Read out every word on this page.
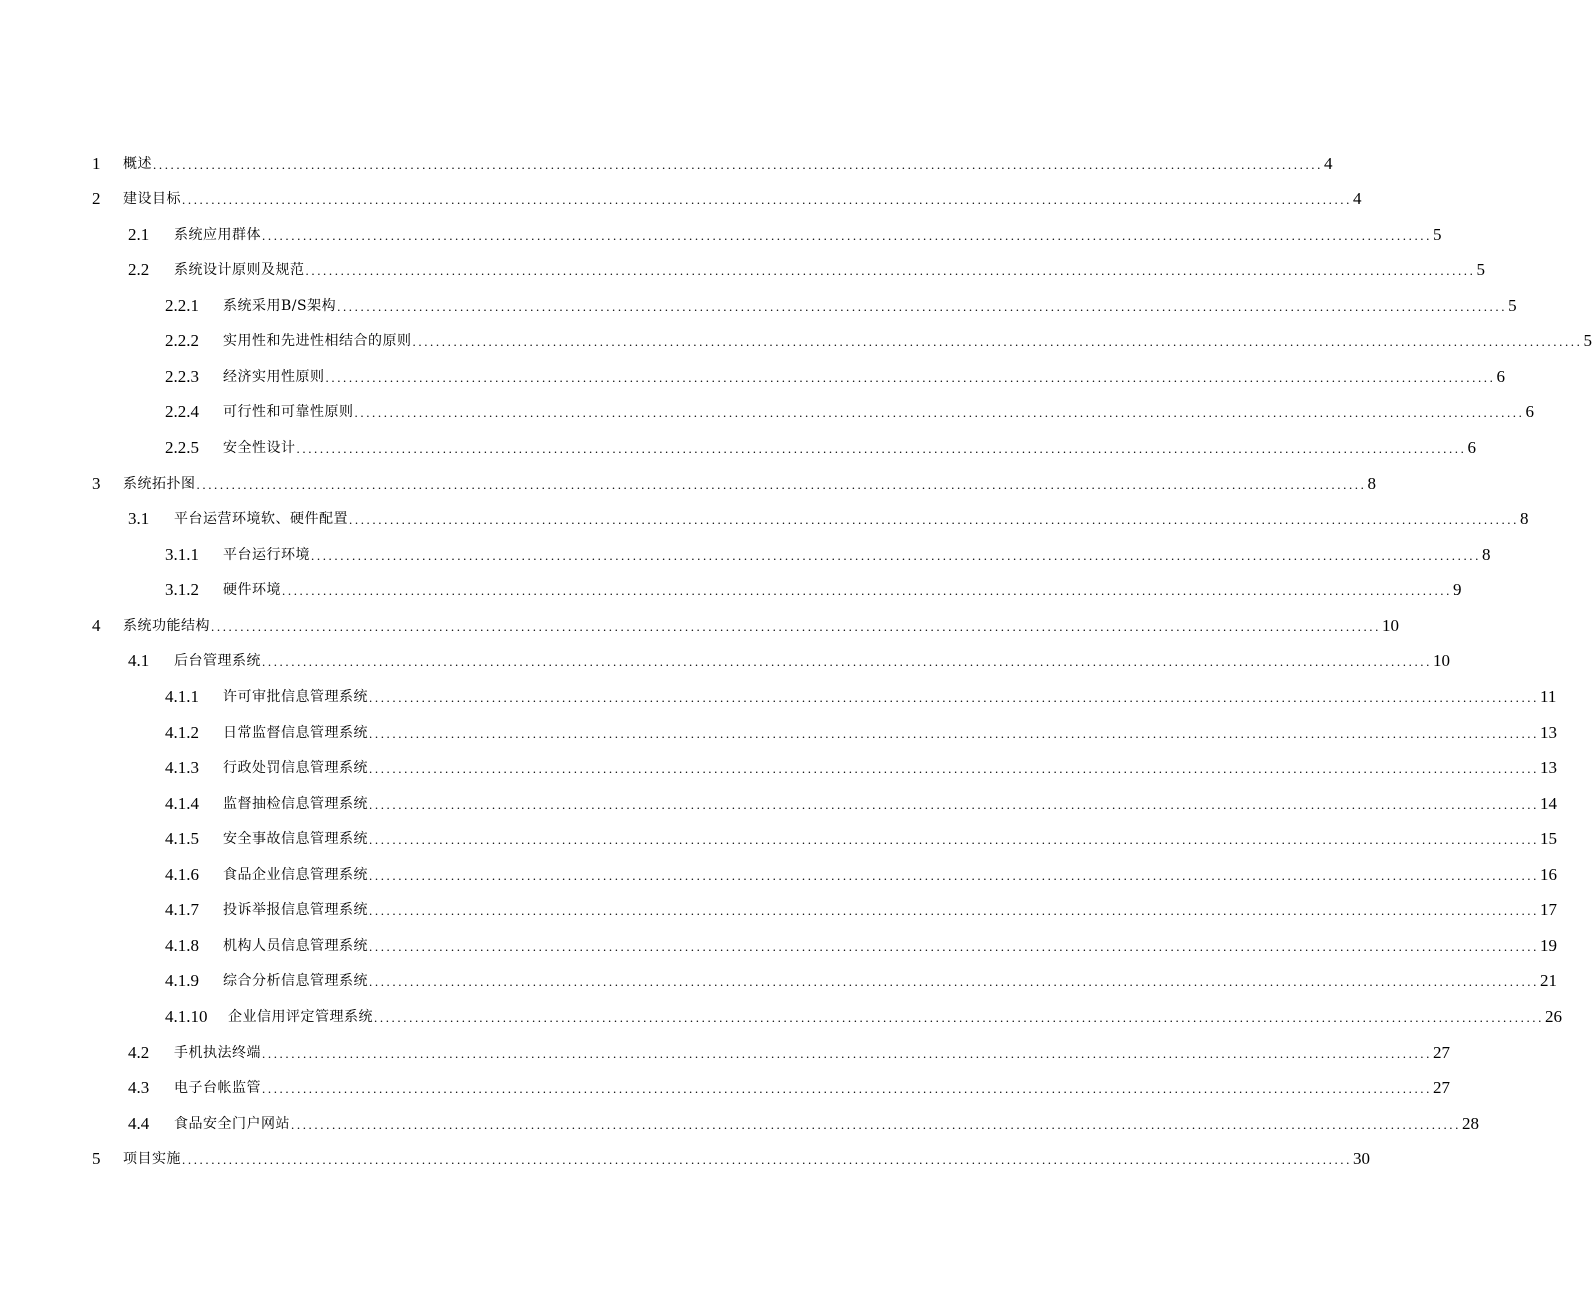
1	概述 ........................................................................................................................................................................................................ 4
2	建设目标 ........................................................................................................................................................................................................ 4
2.1	系统应用群体 ........................................................................................................................................................................................................ 5
2.2	系统设计原则及规范 ........................................................................................................................................................................................................ 5
2.2.1	系统采用B/S架构 ........................................................................................................................................................................................................ 5
2.2.2	实用性和先进性相结合的原则 ........................................................................................................................................................................................................ 5
2.2.3	经济实用性原则 ........................................................................................................................................................................................................ 6
2.2.4	可行性和可靠性原则 ........................................................................................................................................................................................................ 6
2.2.5	安全性设计 ........................................................................................................................................................................................................ 6
3	系统拓扑图 ........................................................................................................................................................................................................ 8
3.1	平台运营环境软、硬件配置 ........................................................................................................................................................................................................ 8
3.1.1	平台运行环境 ........................................................................................................................................................................................................ 8
3.1.2	硬件环境 ........................................................................................................................................................................................................ 9
4	系统功能结构 ........................................................................................................................................................................................................ 10
4.1	后台管理系统 ........................................................................................................................................................................................................ 10
4.1.1	许可审批信息管理系统 ........................................................................................................................................................................................................ 11
4.1.2	日常监督信息管理系统 ........................................................................................................................................................................................................ 13
4.1.3	行政处罚信息管理系统 ........................................................................................................................................................................................................ 13
4.1.4	监督抽检信息管理系统 ........................................................................................................................................................................................................ 14
4.1.5	安全事故信息管理系统 ........................................................................................................................................................................................................ 15
4.1.6	食品企业信息管理系统 ........................................................................................................................................................................................................ 16
4.1.7	投诉举报信息管理系统 ........................................................................................................................................................................................................ 17
4.1.8	机构人员信息管理系统 ........................................................................................................................................................................................................ 19
4.1.9	综合分析信息管理系统 ........................................................................................................................................................................................................ 21
4.1.10	企业信用评定管理系统 ........................................................................................................................................................................................................ 26
4.2	手机执法终端 ........................................................................................................................................................................................................ 27
4.3	电子台帐监管 ........................................................................................................................................................................................................ 27
4.4	食品安全门户网站 ........................................................................................................................................................................................................ 28
5	项目实施 ........................................................................................................................................................................................................ 30
